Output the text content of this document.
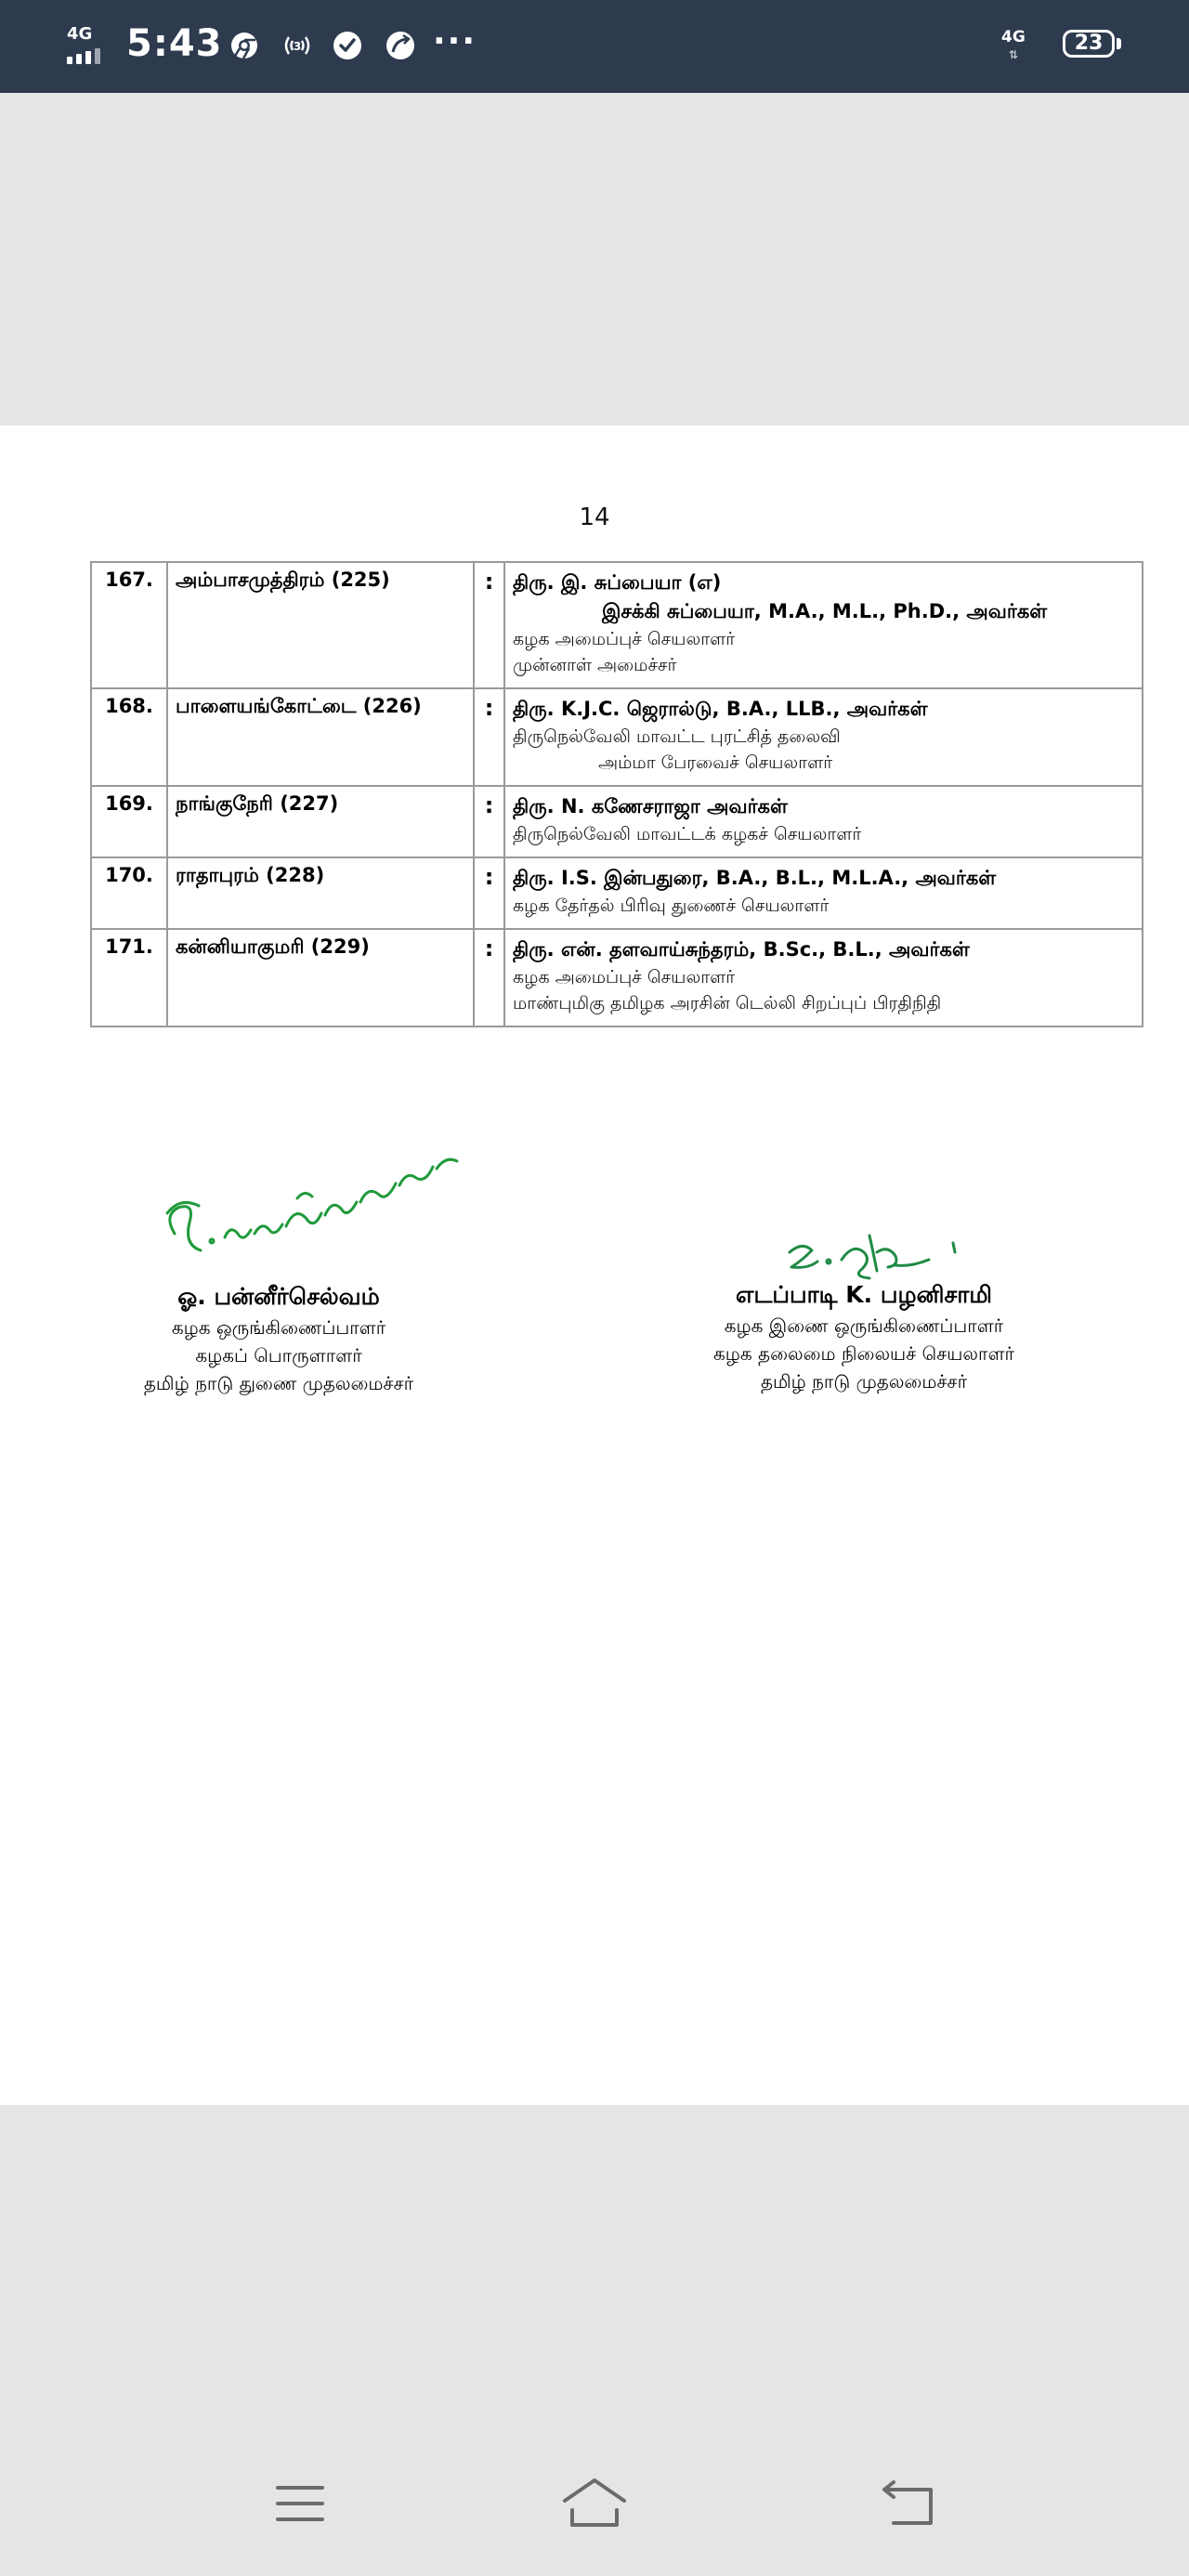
4G 5:43	3	···	4G
⇅	23
14
167.	அம்பாசமுத்திரம் (225)	:	திரு. இ. சுப்பையா (எ)
இசக்கி சுப்பையா, M.A., M.L., Ph.D., அவர்கள்
கழக அமைப்புச் செயலாளர்
முன்னாள் அமைச்சர்

168.	பாளையங்கோட்டை (226)	:	திரு. K.J.C. ஜெரால்டு, B.A., LLB., அவர்கள்
திருநெல்வேலி மாவட்ட புரட்சித் தலைவி
அம்மா பேரவைச் செயலாளர்

169.	நாங்குநேரி (227)	:	திரு. N. கணேசராஜா அவர்கள்
திருநெல்வேலி மாவட்டக் கழகச் செயலாளர்

170.	ராதாபுரம் (228)	:	திரு. I.S. இன்பதுரை, B.A., B.L., M.L.A., அவர்கள்
கழக தேர்தல் பிரிவு துணைச் செயலாளர்

171.	கன்னியாகுமரி (229)	:	திரு. என். தளவாய்சுந்தரம், B.Sc., B.L., அவர்கள்
கழக அமைப்புச் செயலாளர்
மாண்புமிகு தமிழக அரசின் டெல்லி சிறப்புப் பிரதிநிதி
ஓ. பன்னீர்செல்வம்
கழக ஒருங்கிணைப்பாளர்
கழகப் பொருளாளர்
தமிழ் நாடு துணை முதலமைச்சர்
எடப்பாடி K. பழனிசாமி
கழக இணை ஒருங்கிணைப்பாளர்
கழக தலைமை நிலையச் செயலாளர்
தமிழ் நாடு முதலமைச்சர்
